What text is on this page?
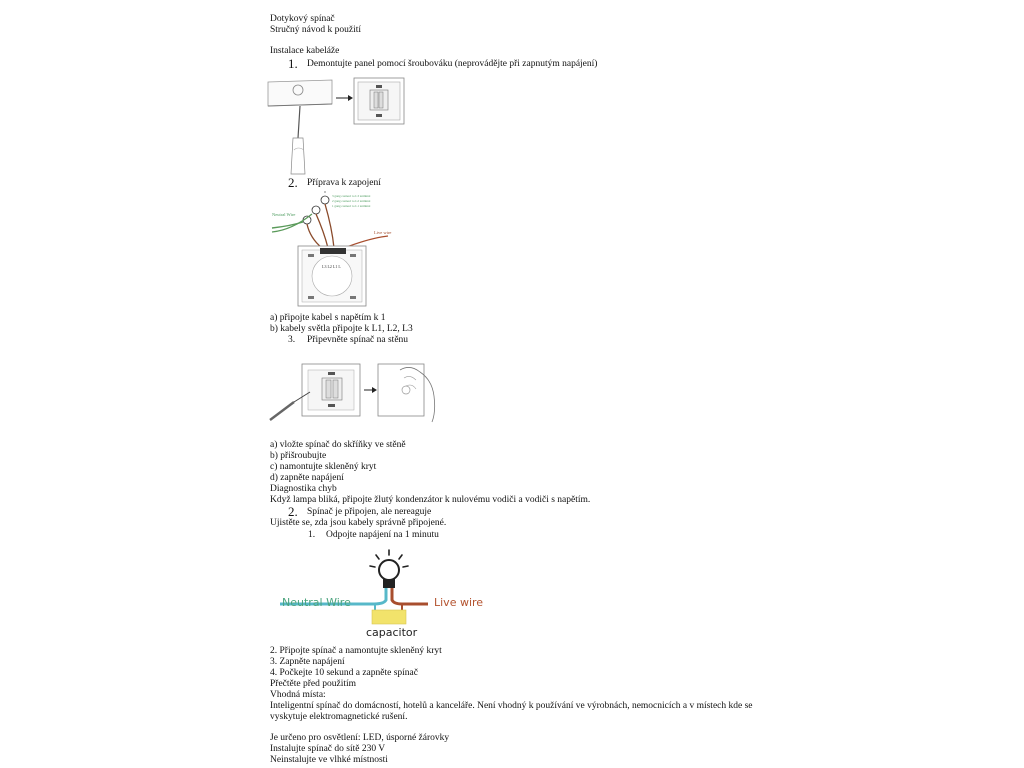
Dotykový spínač
Stručný návod k použití
Instalace kabeláže
1. Demontujte panel pomocí šroubováku (neprovádějte při zapnutým napájení)
2. Příprava k zapojení
3 gang connect to L3 terminal
2 gang connect to L2 terminal
1 gang connect to L1 terminal
Neutral Wire
Live wire
L3 L2 L1 L
a) připojte kabel s napětím k 1
b) kabely světla připojte k L1, L2, L3
3. Připevněte spínač na stěnu
a) vložte spínač do skříňky ve stěně
b) přišroubujte
c) namontujte skleněný kryt
d) zapněte napájení
Diagnostika chyb
Když lampa bliká, připojte žlutý kondenzátor k nulovému vodiči a vodiči s napětím.
2. Spínač je připojen, ale nereaguje
Ujistěte se, zda jsou kabely správně připojené.
1. Odpojte napájení na 1 minutu
Neutral Wire	Live wire
capacitor
2. Připojte spínač a namontujte skleněný kryt
3. Zapněte napájení
4. Počkejte 10 sekund a zapněte spínač
Přečtěte před použitím
Vhodná místa:
Inteligentní spínač do domácností, hotelů a kanceláře. Není vhodný k používání ve výrobnách, nemocnicích a v místech kde se
vyskytuje elektromagnetické rušení.
Je určeno pro osvětlení: LED, úsporné žárovky
Instalujte spínač do sítě 230 V
Neinstalujte ve vlhké místnosti
